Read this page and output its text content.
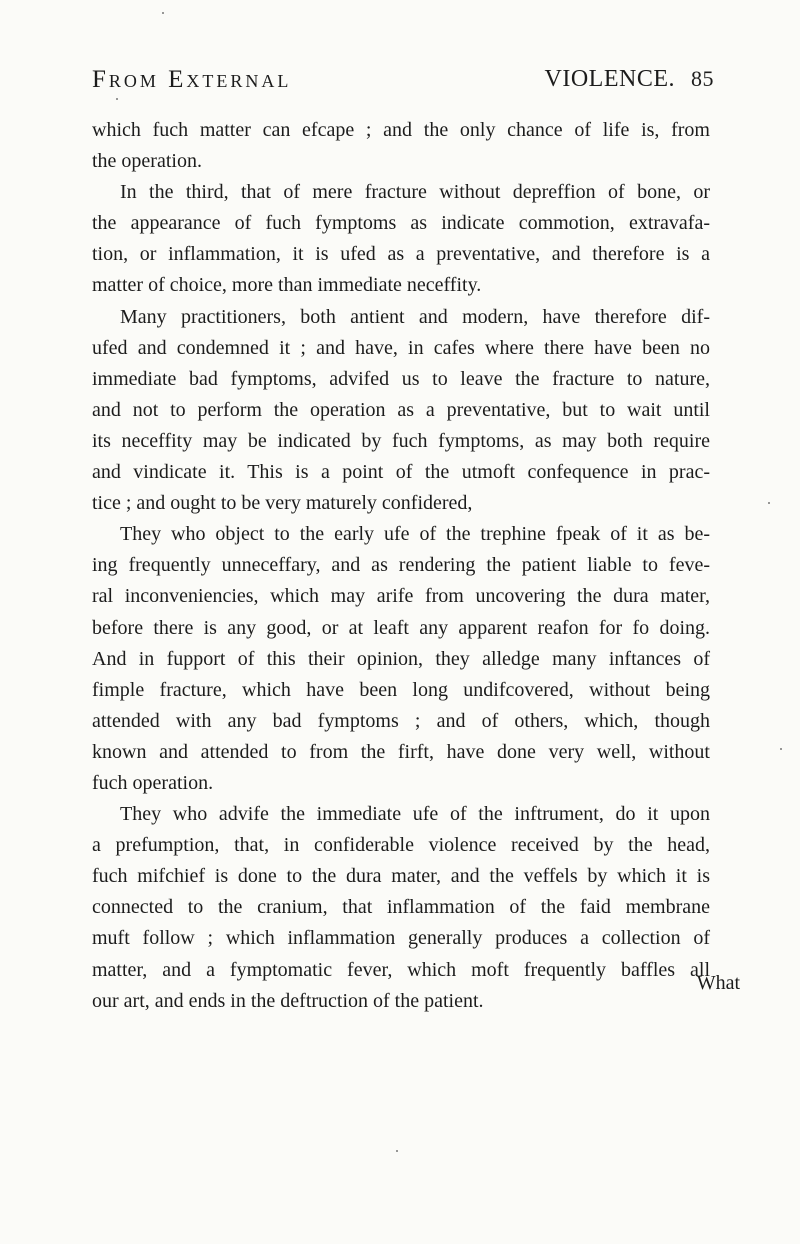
From External	VIOLENCE. 85
which fuch matter can efcape ; and the only chance of life is, from
the operation.
In the third, that of mere fracture without depreffion of bone, or
the appearance of fuch fymptoms as indicate commotion, extravafa-
tion, or inflammation, it is ufed as a preventative, and therefore is a
matter of choice, more than immediate neceffity.
Many practitioners, both antient and modern, have therefore dif-
ufed and condemned it ; and have, in cafes where there have been no
immediate bad fymptoms, advifed us to leave the fracture to nature,
and not to perform the operation as a preventative, but to wait until
its neceffity may be indicated by fuch fymptoms, as may both require
and vindicate it. This is a point of the utmoft confequence in prac-
tice ; and ought to be very maturely confidered,
They who object to the early ufe of the trephine fpeak of it as be-
ing frequently unneceffary, and as rendering the patient liable to feve-
ral inconveniencies, which may arife from uncovering the dura mater,
before there is any good, or at leaft any apparent reafon for fo doing.
And in fupport of this their opinion, they alledge many inftances of
fimple fracture, which have been long undifcovered, without being
attended with any bad fymptoms ; and of others, which, though
known and attended to from the firft, have done very well, without
fuch operation.
They who advife the immediate ufe of the inftrument, do it upon
a prefumption, that, in confiderable violence received by the head,
fuch mifchief is done to the dura mater, and the veffels by which it is
connected to the cranium, that inflammation of the faid membrane
muft follow ; which inflammation generally produces a collection of
matter, and a fymptomatic fever, which moft frequently baffles all
our art, and ends in the deftruction of the patient.
What
